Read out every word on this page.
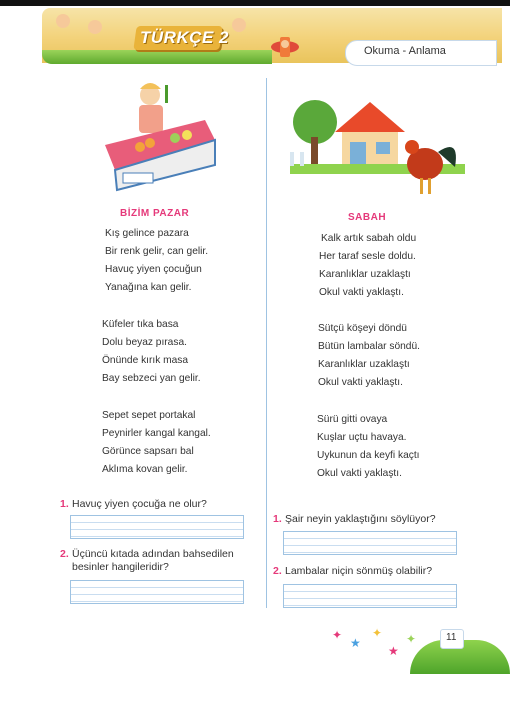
TÜRKÇE 2
Okuma - Anlama
BİZİM PAZAR
Kış gelince pazara
Bir renk gelir, can gelir.
Havuç yiyen çocuğun
Yanağına kan gelir.
Küfeler tıka basa
Dolu beyaz pırasa.
Önünde kırık masa
Bay sebzeci yan gelir.
Sepet sepet portakal
Peynirler kangal kangal.
Görünce sapsarı bal
Aklıma kovan gelir.
1. Havuç yiyen çocuğa ne olur?
2. Üçüncü kıtada adından bahsedilen
besinler hangileridir?
SABAH
Kalk artık sabah oldu
Her taraf sesle doldu.
Karanlıklar uzaklaştı
Okul vakti yaklaştı.
Sütçü köşeyi döndü
Bütün lambalar söndü.
Karanlıklar uzaklaştı
Okul vakti yaklaştı.
Sürü gitti ovaya
Kuşlar uçtu havaya.
Uykunun da keyfi kaçtı
Okul vakti yaklaştı.
1. Şair neyin yaklaştığını söylüyor?
2. Lambalar niçin sönmüş olabilir?
✦
★
✦
★
✦	11
